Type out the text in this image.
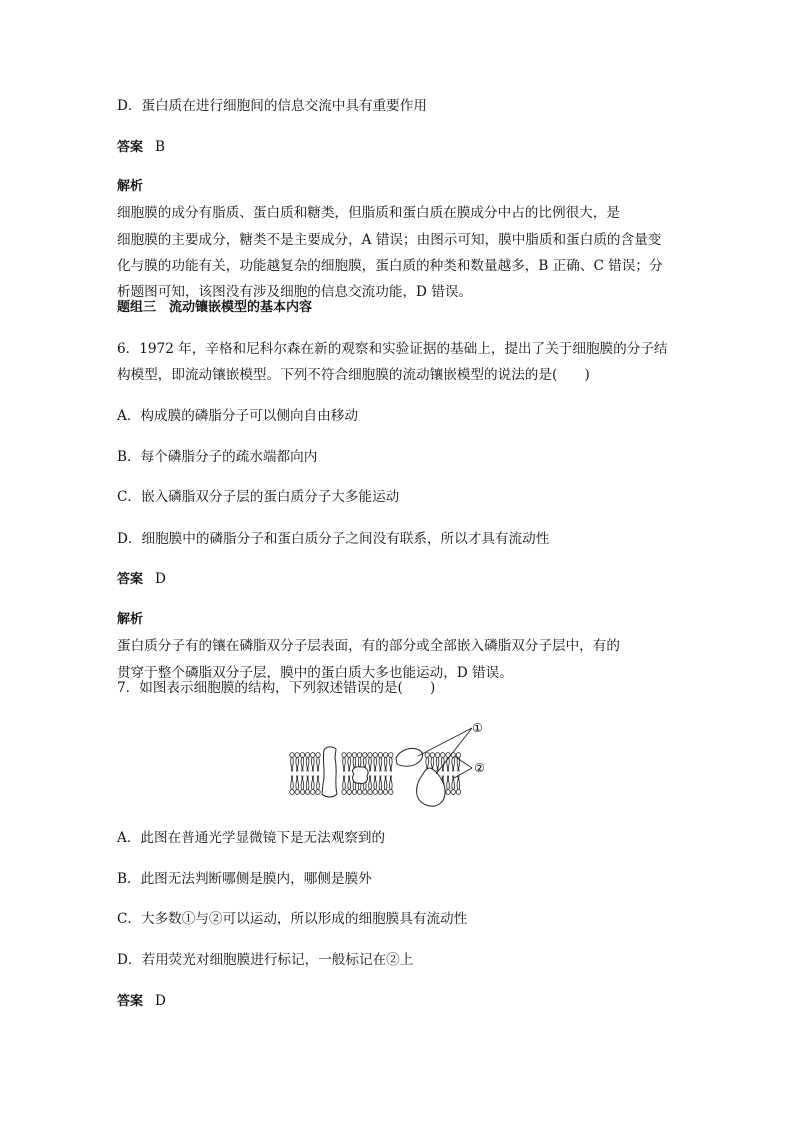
D．蛋白质在进行细胞间的信息交流中具有重要作用
答案 B
解析
细胞膜的成分有脂质、蛋白质和糖类，但脂质和蛋白质在膜成分中占的比例很大，是
细胞膜的主要成分，糖类不是主要成分，A 错误；由图示可知，膜中脂质和蛋白质的含量变
化与膜的功能有关，功能越复杂的细胞膜，蛋白质的种类和数量越多，B 正确、C 错误；分
析题图可知，该图没有涉及细胞的信息交流功能，D 错误。
题组三　流动镶嵌模型的基本内容
6．1972 年，辛格和尼科尔森在新的观察和实验证据的基础上，提出了关于细胞膜的分子结
构模型，即流动镶嵌模型。下列不符合细胞膜的流动镶嵌模型的说法的是(　　)
A．构成膜的磷脂分子可以侧向自由移动
B．每个磷脂分子的疏水端都向内
C．嵌入磷脂双分子层的蛋白质分子大多能运动
D．细胞膜中的磷脂分子和蛋白质分子之间没有联系，所以才具有流动性
答案 D
解析
蛋白质分子有的镶在磷脂双分子层表面，有的部分或全部嵌入磷脂双分子层中，有的
贯穿于整个磷脂双分子层，膜中的蛋白质大多也能运动，D 错误。
7．如图表示细胞膜的结构，下列叙述错误的是(　　)
①
②
A．此图在普通光学显微镜下是无法观察到的
B．此图无法判断哪侧是膜内，哪侧是膜外
C．大多数①与②可以运动，所以形成的细胞膜具有流动性
D．若用荧光对细胞膜进行标记，一般标记在②上
答案 D
